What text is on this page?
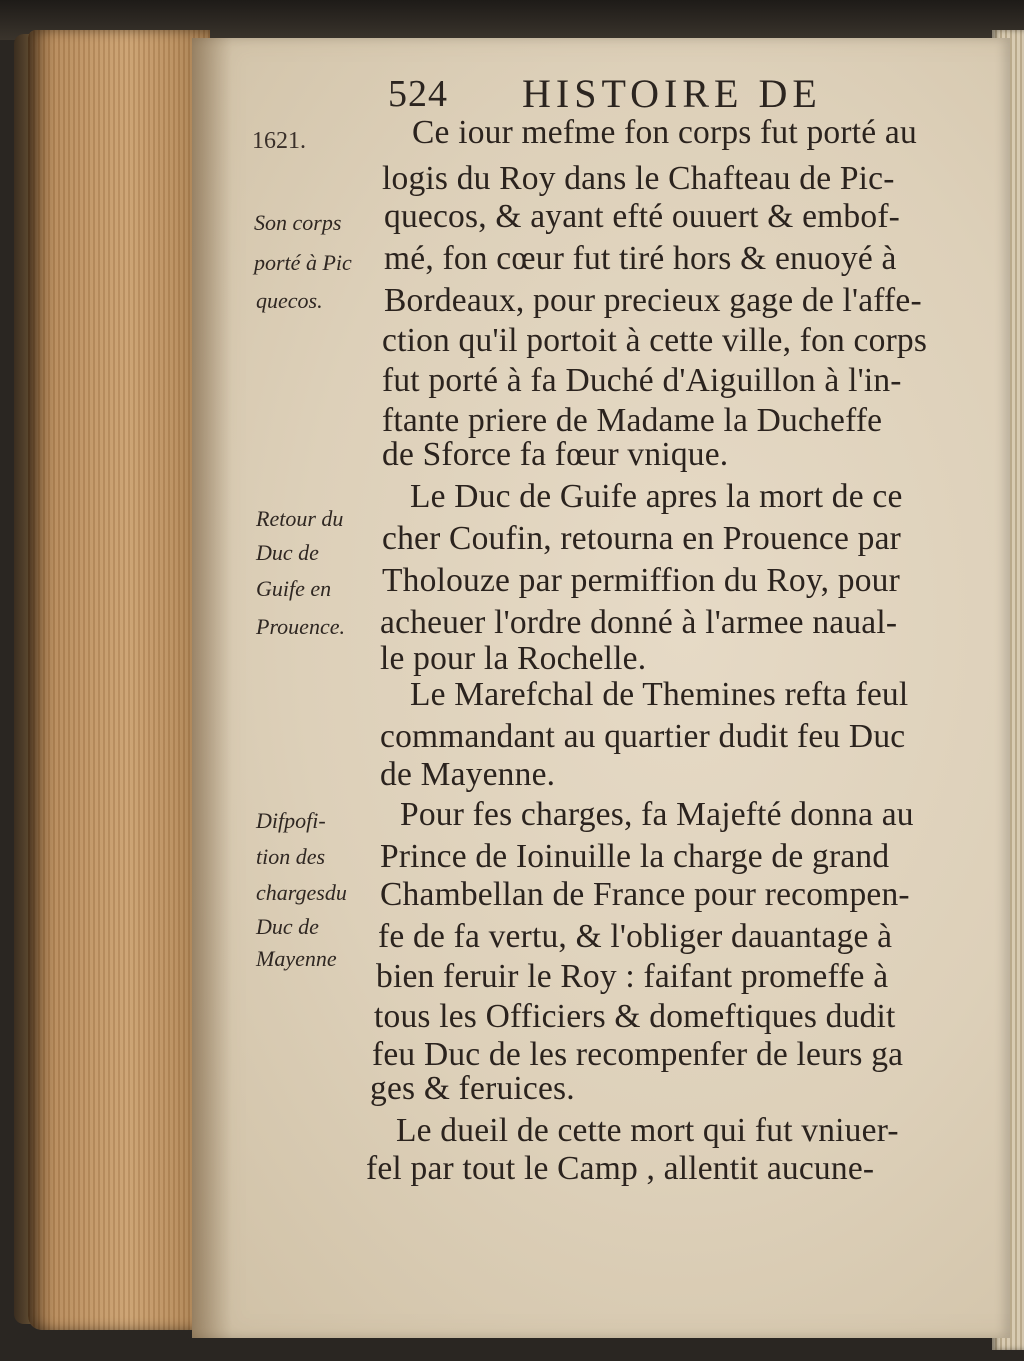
524 HISTOIRE DE
1621.	Ce iour mefme fon corps fut porté au
logis du Roy dans le Chafteau de Pic-
quecos, & ayant efté ouuert & embof-
mé, fon cœur fut tiré hors & enuoyé à
Bordeaux, pour precieux gage de l'affe-
ction qu'il portoit à cette ville, fon corps
fut porté à fa Duché d'Aiguillon à l'in-
ftante priere de Madame la Ducheffe
de Sforce fa fœur vnique.
Le Duc de Guife apres la mort de ce
cher Coufin, retourna en Prouence par
Tholouze par permiffion du Roy, pour
acheuer l'ordre donné à l'armee naual-
le pour la Rochelle.
Le Marefchal de Themines refta feul
commandant au quartier dudit feu Duc
de Mayenne.
Pour fes charges, fa Majefté donna au
Prince de Ioinuille la charge de grand
Chambellan de France pour recompen-
fe de fa vertu, & l'obliger dauantage à
bien feruir le Roy : faifant promeffe à
tous les Officiers & domeftiques dudit
feu Duc de les recompenfer de leurs ga
ges & feruices.
Le dueil de cette mort qui fut vniuer-
fel par tout le Camp , allentit aucune-
Son corps
porté à Pic
quecos.
Retour du
Duc de
Guife en
Prouence.
Difpofi-
tion des
chargesdu
Duc de
Mayenne
